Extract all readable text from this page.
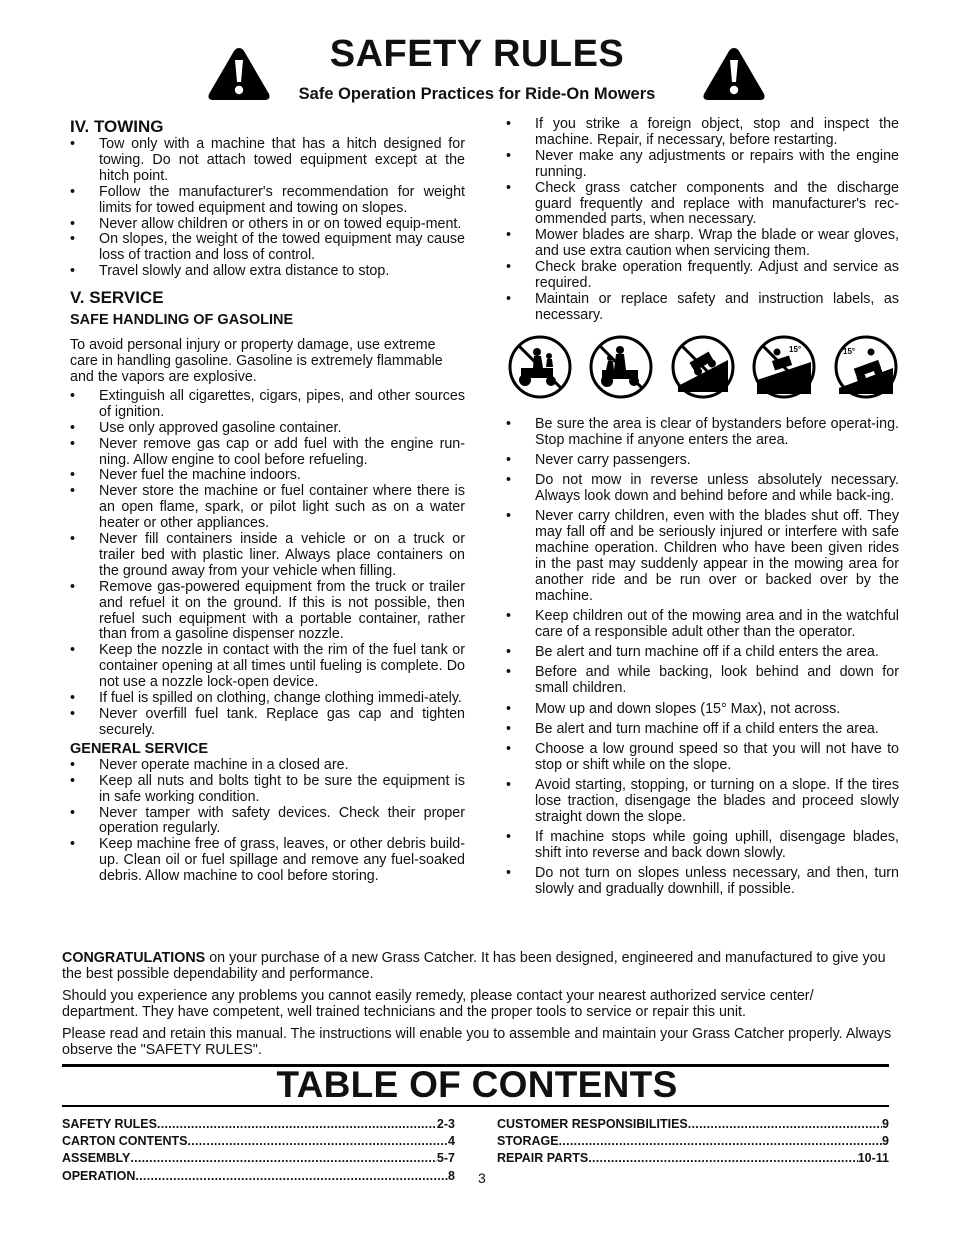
SAFETY RULES
Safe Operation Practices for Ride-On Mowers
IV. TOWING
• Tow only with a machine that has a hitch designed for towing. Do not attach towed equipment except at the hitch point.
• Follow the manufacturer's recommendation for weight limits for towed equipment and towing on slopes.
• Never allow children or others in or on towed equip-ment.
• On slopes, the weight of the towed equipment may cause loss of traction and loss of control.
• Travel slowly and allow extra distance to stop.
V. SERVICE
SAFE HANDLING OF GASOLINE

To avoid personal injury or property damage, use extreme care in handling gasoline. Gasoline is extremely flammable and the vapors are explosive.

• Extinguish all cigarettes, cigars, pipes, and other sources of ignition.
• Use only approved gasoline container.
• Never remove gas cap or add fuel with the engine run-ning. Allow engine to cool before refueling.
• Never fuel the machine indoors.
• Never store the machine or fuel container where there is an open flame, spark, or pilot light such as on a water heater or other appliances.
• Never fill containers inside a vehicle or on a truck or trailer bed with plastic liner. Always place containers on the ground away from your vehicle when filling.
• Remove gas-powered equipment from the truck or trailer and refuel it on the ground. If this is not possible, then refuel such equipment with a portable container, rather than from a gasoline dispenser nozzle.
• Keep the nozzle in contact with the rim of the fuel tank or container opening at all times until fueling is complete. Do not use a nozzle lock-open device.
• If fuel is spilled on clothing, change clothing immedi-ately.
• Never overfill fuel tank. Replace gas cap and tighten securely.
GENERAL SERVICE
• Never operate machine in a closed are.
• Keep all nuts and bolts tight to be sure the equipment is in safe working condition.
• Never tamper with safety devices. Check their proper operation regularly.
• Keep machine free of grass, leaves, or other debris build-up. Clean oil or fuel spillage and remove any fuel-soaked debris. Allow machine to cool before storing.
• If you strike a foreign object, stop and inspect the machine. Repair, if necessary, before restarting.
• Never make any adjustments or repairs with the engine running.
• Check grass catcher components and the discharge guard frequently and replace with manufacturer's rec-ommended parts, when necessary.
• Mower blades are sharp. Wrap the blade or wear gloves, and use extra caution when servicing them.
• Check brake operation frequently. Adjust and service as required.
• Maintain or replace safety and instruction labels, as necessary.
15°	15°
• Be sure the area is clear of bystanders before operat-ing. Stop machine if anyone enters the area.
• Never carry passengers.
• Do not mow in reverse unless absolutely necessary. Always look down and behind before and while back-ing.
• Never carry children, even with the blades shut off. They may fall off and be seriously injured or interfere with safe machine operation. Children who have been given rides in the past may suddenly appear in the mowing area for another ride and be run over or backed over by the machine.
• Keep children out of the mowing area and in the watchful care of a responsible adult other than the operator.
• Be alert and turn machine off if a child enters the area.
• Before and while backing, look behind and down for small children.
• Mow up and down slopes (15° Max), not across.
• Be alert and turn machine off if a child enters the area.
• Choose a low ground speed so that you will not have to stop or shift while on the slope.
• Avoid starting, stopping, or turning on a slope. If the tires lose traction, disengage the blades and proceed slowly straight down the slope.
• If machine stops while going uphill, disengage blades, shift into reverse and back down slowly.
• Do not turn on slopes unless necessary, and then, turn slowly and gradually downhill, if possible.

CONGRATULATIONS on your purchase of a new Grass Catcher. It has been designed, engineered and manufactured to give you the best possible dependability and performance.

Should you experience any problems you cannot easily remedy, please contact your nearest authorized service center/ department. They have competent, well trained technicians and the proper tools to service or repair this unit.

Please read and retain this manual. The instructions will enable you to assemble and maintain your Grass Catcher properly. Always observe the "SAFETY RULES".

TABLE OF CONTENTS
SAFETY RULES .....	2-3
CARTON CONTENTS .....	4
ASSEMBLY .....	5-7
OPERATION .....	8
CUSTOMER RESPONSIBILITIES .....	9
STORAGE .....	9
REPAIR PARTS .....	10-11
3
